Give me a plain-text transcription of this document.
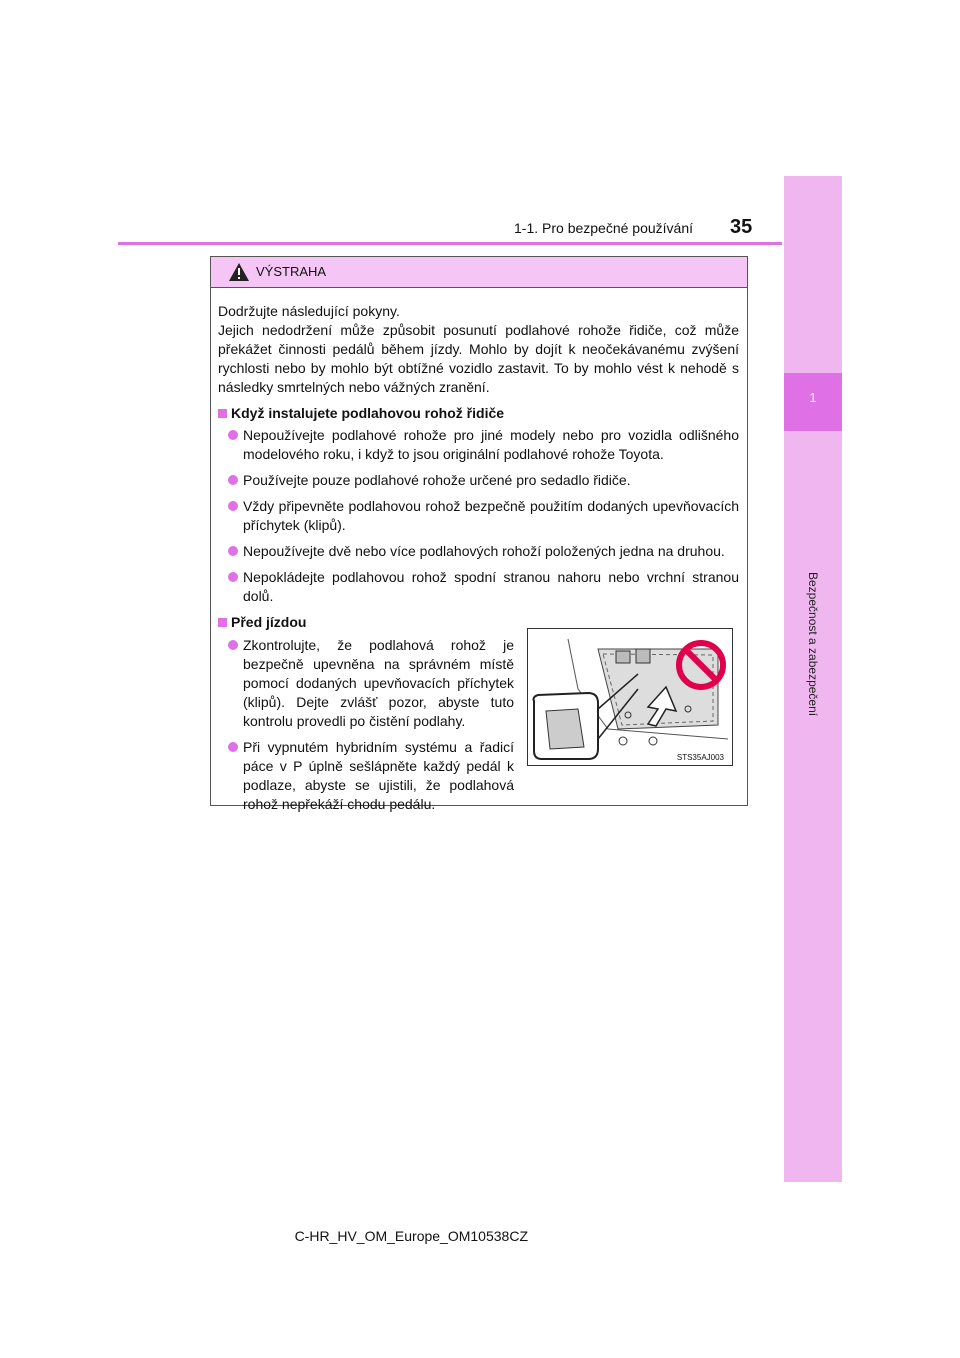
1
Bezpečnost a zabezpečení
1-1. Pro bezpečné používání 35
VÝSTRAHA

Dodržujte následující pokyny.

Jejich nedodržení může způsobit posunutí podlahové rohože řidiče, což může překážet činnosti pedálů během jízdy. Mohlo by dojít k neočekávanému zvýšení rychlosti nebo by mohlo být obtížné vozidlo zastavit. To by mohlo vést k nehodě s následky smrtelných nebo vážných zranění.

Když instalujete podlahovou rohož řidiče
Nepoužívejte podlahové rohože pro jiné modely nebo pro vozidla odlišného modelového roku, i když to jsou originální podlahové rohože Toyota.
Používejte pouze podlahové rohože určené pro sedadlo řidiče.
Vždy připevněte podlahovou rohož bezpečně použitím dodaných upevňovacích příchytek (klipů).
Nepoužívejte dvě nebo více podlahových rohoží položených jedna na druhou.
Nepokládejte podlahovou rohož spodní stranou nahoru nebo vrchní stranou dolů.
Před jízdou
Zkontrolujte, že podlahová rohož je bezpečně upevněna na správném místě pomocí dodaných upevňovacích příchytek (klipů). Dejte zvlášť pozor, abyste tuto kontrolu provedli po čistění podlahy.
Při vypnutém hybridním systému a řadicí páce v P úplně sešlápněte každý pedál k podlaze, abyste se ujistili, že podlahová rohož nepřekáží chodu pedálu.
STS35AJ003
C-HR_HV_OM_Europe_OM10538CZ
